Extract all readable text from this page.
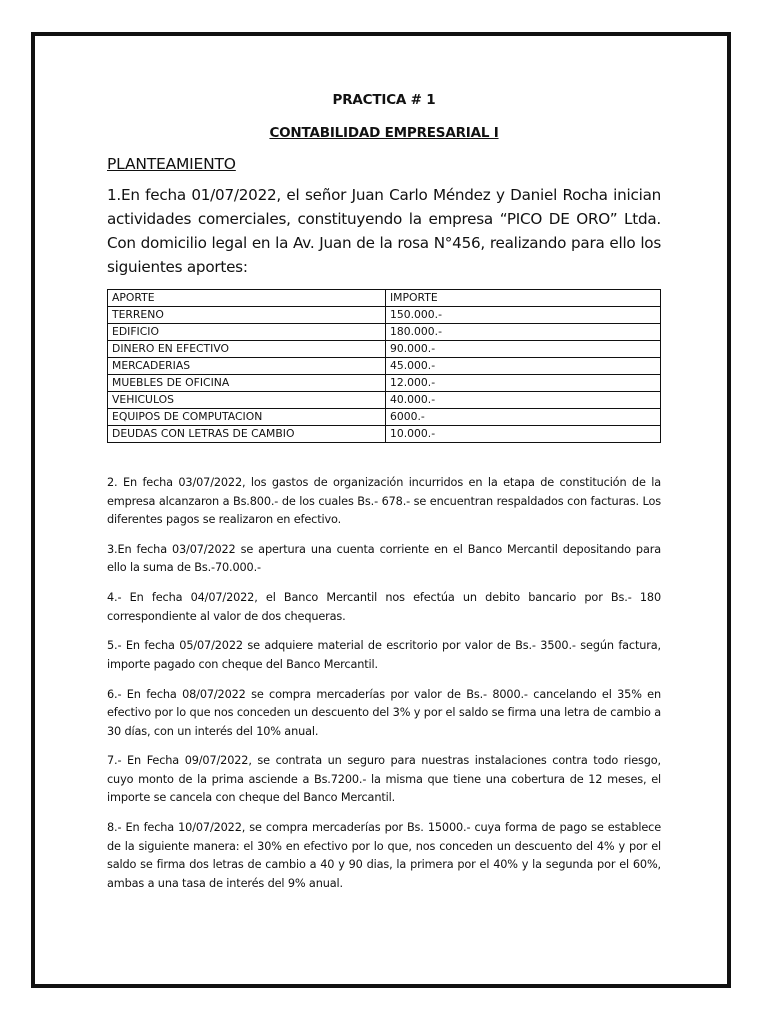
PRACTICA # 1
CONTABILIDAD EMPRESARIAL I
PLANTEAMIENTO

1.En fecha 01/07/2022, el señor Juan Carlo Méndez y Daniel Rocha inician actividades comerciales, constituyendo la empresa “PICO DE ORO” Ltda. Con domicilio legal en la Av. Juan de la rosa N°456, realizando para ello los siguientes aportes:

APORTE	IMPORTE
TERRENO	150.000.-
EDIFICIO	180.000.-
DINERO EN EFECTIVO	90.000.-
MERCADERIAS	45.000.-
MUEBLES DE OFICINA	12.000.-
VEHICULOS	40.000.-
EQUIPOS DE COMPUTACION	6000.-
DEUDAS CON LETRAS DE CAMBIO	10.000.-

2. En fecha 03/07/2022, los gastos de organización incurridos en la etapa de constitución de la empresa alcanzaron a Bs.800.- de los cuales Bs.- 678.- se encuentran respaldados con facturas. Los diferentes pagos se realizaron en efectivo.

3.En fecha 03/07/2022 se apertura una cuenta corriente en el Banco Mercantil depositando para ello la suma de Bs.-70.000.-

4.- En fecha 04/07/2022, el Banco Mercantil nos efectúa un debito bancario por Bs.- 180 correspondiente al valor de dos chequeras.

5.- En fecha 05/07/2022 se adquiere material de escritorio por valor de Bs.- 3500.- según factura, importe pagado con cheque del Banco Mercantil.

6.- En fecha 08/07/2022 se compra mercaderías por valor de Bs.- 8000.- cancelando el 35% en efectivo por lo que nos conceden un descuento del 3% y por el saldo se firma una letra de cambio a 30 días, con un interés del 10% anual.

7.- En Fecha 09/07/2022, se contrata un seguro para nuestras instalaciones contra todo riesgo, cuyo monto de la prima asciende a Bs.7200.- la misma que tiene una cobertura de 12 meses, el importe se cancela con cheque del Banco Mercantil.

8.- En fecha 10/07/2022, se compra mercaderías por Bs. 15000.- cuya forma de pago se establece de la siguiente manera: el 30% en efectivo por lo que, nos conceden un descuento del 4% y por el saldo se firma dos letras de cambio a 40 y 90 dias, la primera por el 40% y la segunda por el 60%, ambas a una tasa de interés del 9% anual.
